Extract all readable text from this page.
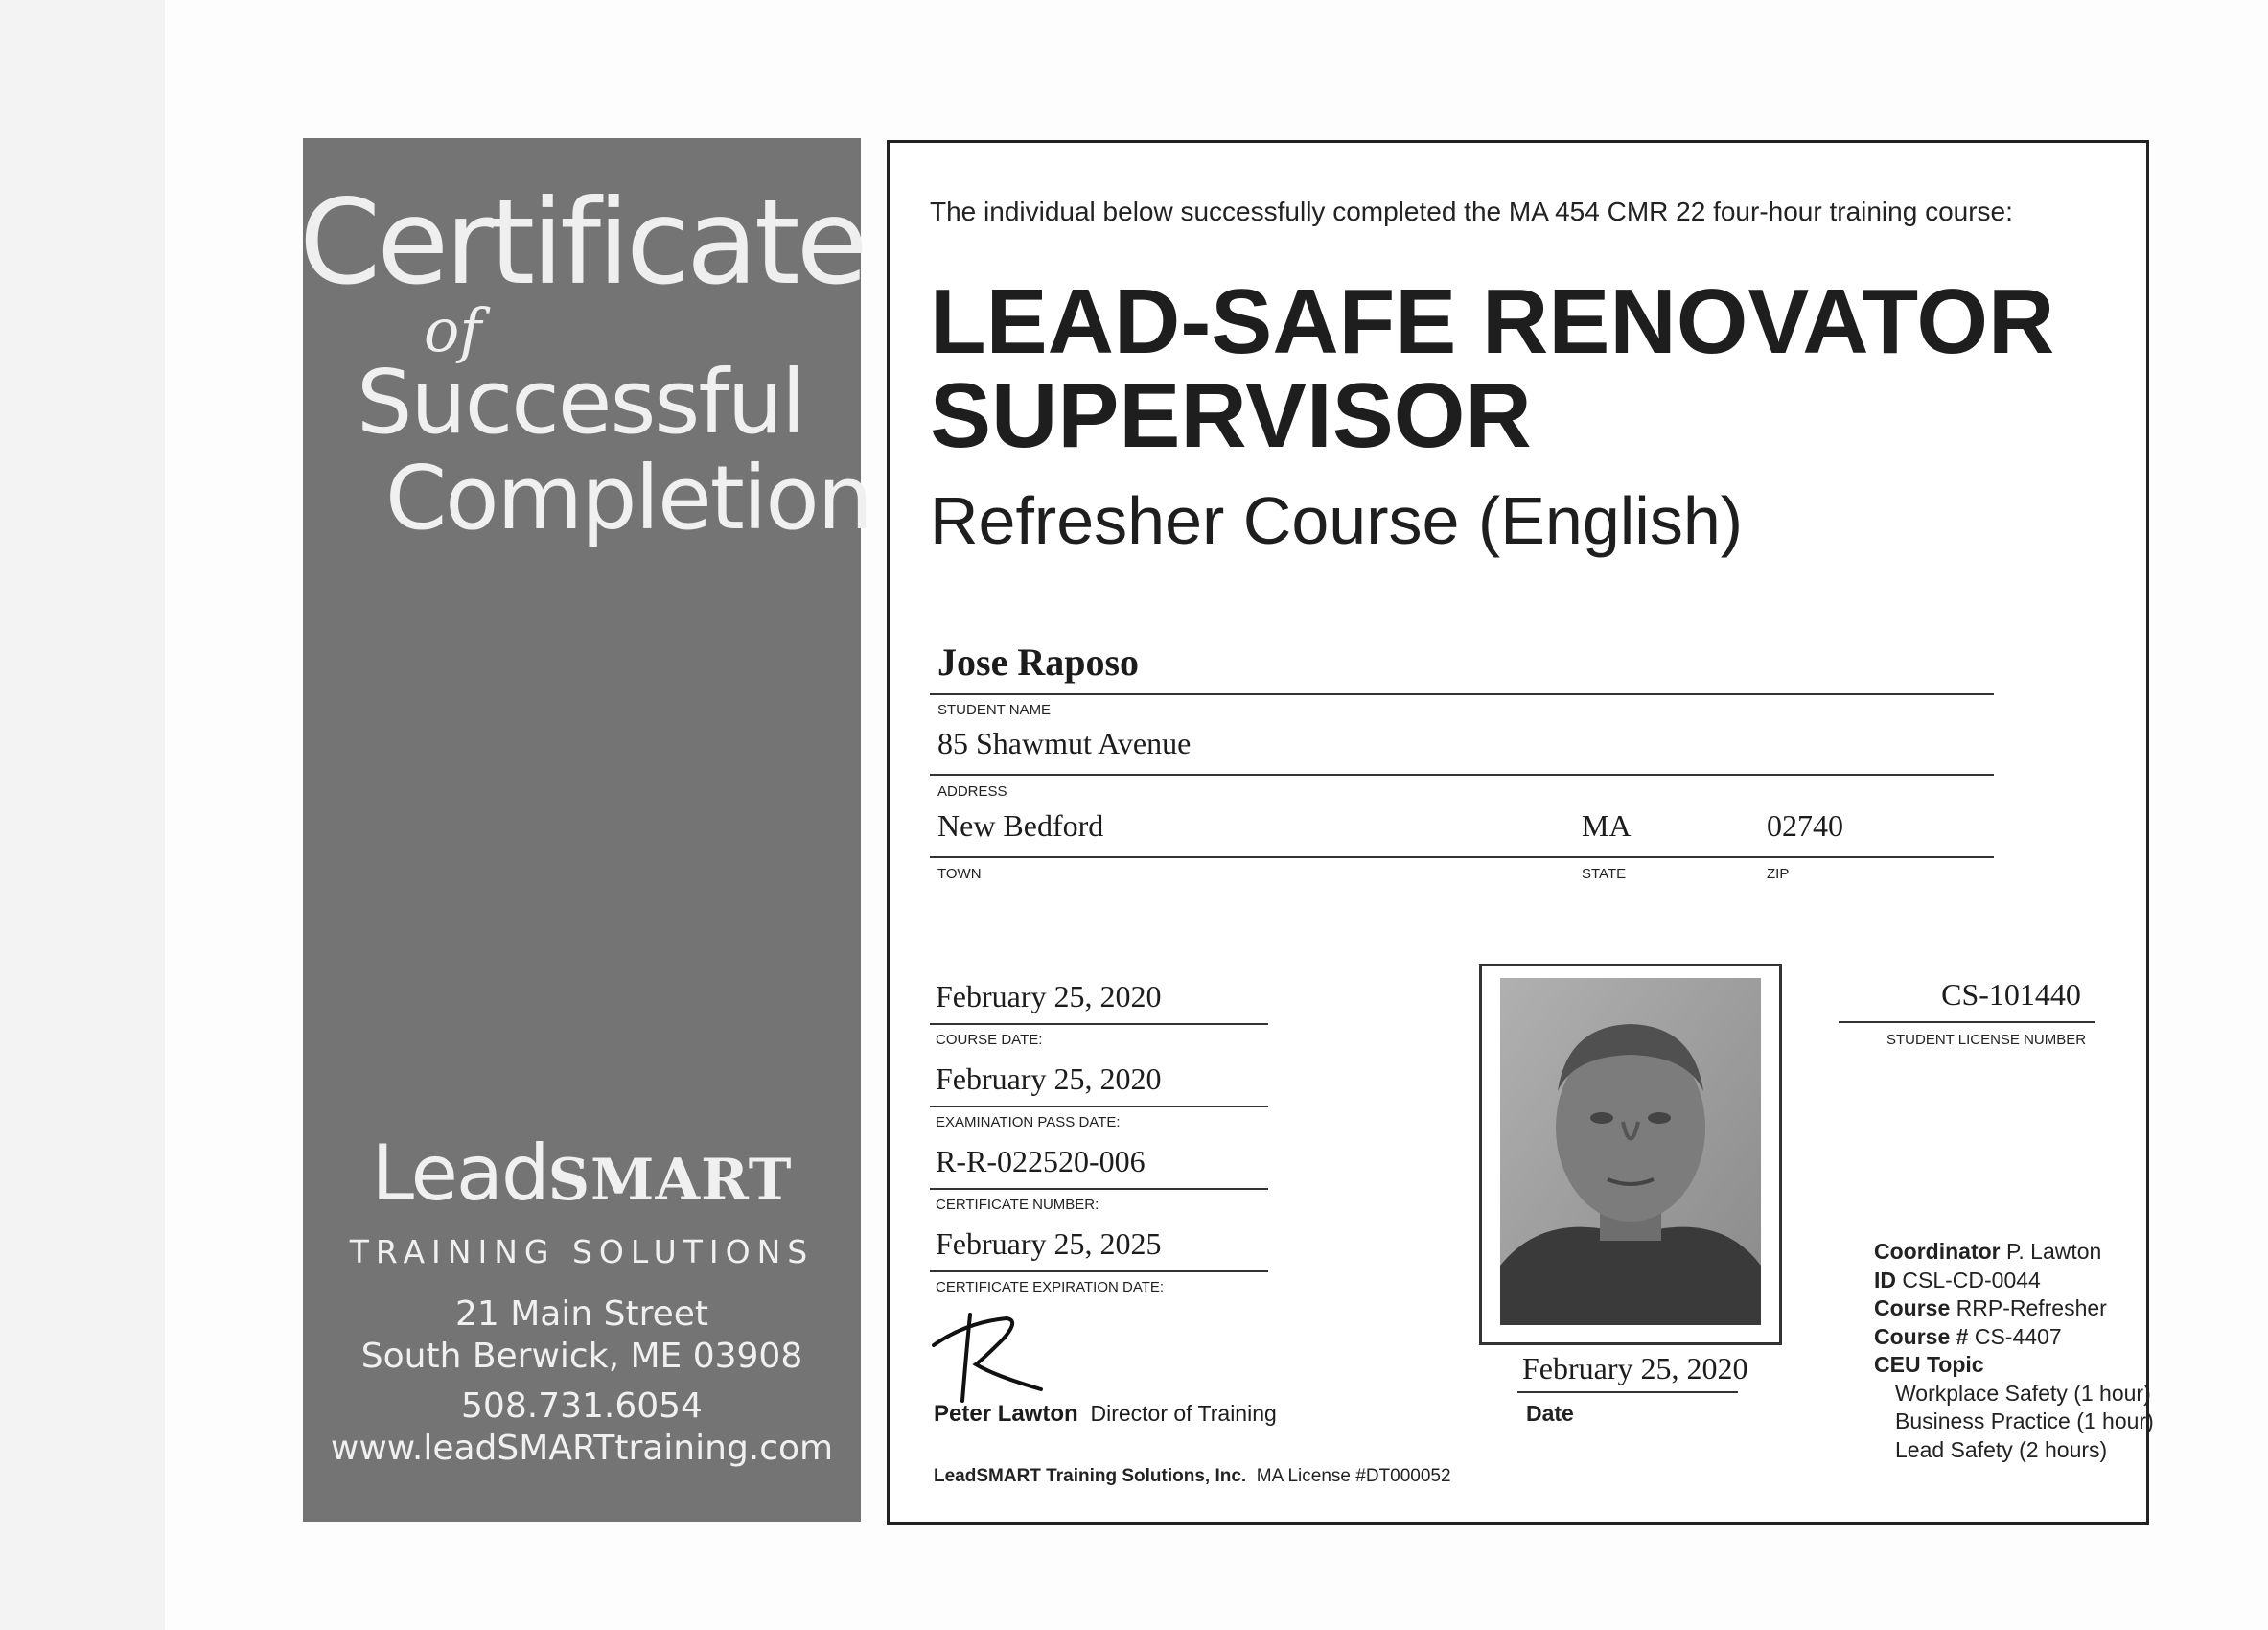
Certificate
of
Successful
Completion
LeadSMART
TRAINING SOLUTIONS
21 Main Street
South Berwick, ME 03908
508.731.6054
www.leadSMARTtraining.com
The individual below successfully completed the MA 454 CMR 22 four-hour training course:
LEAD-SAFE RENOVATOR
SUPERVISOR
Refresher Course (English)
Jose Raposo
STUDENT NAME
85 Shawmut Avenue
ADDRESS
New Bedford	MA	02740
TOWN	STATE	ZIP
February 25, 2020
COURSE DATE:
February 25, 2020
EXAMINATION PASS DATE:
R-R-022520-006
CERTIFICATE NUMBER:
February 25, 2025
CERTIFICATE EXPIRATION DATE:
CS-101440
STUDENT LICENSE NUMBER
Coordinator P. Lawton
ID CSL-CD-0044
Course RRP-Refresher
Course # CS-4407
CEU Topic
Workplace Safety (1 hour)
Business Practice (1 hour)
Lead Safety (2 hours)
Peter Lawton Director of Training
February 25, 2020
Date
LeadSMART Training Solutions, Inc. MA License #DT000052
